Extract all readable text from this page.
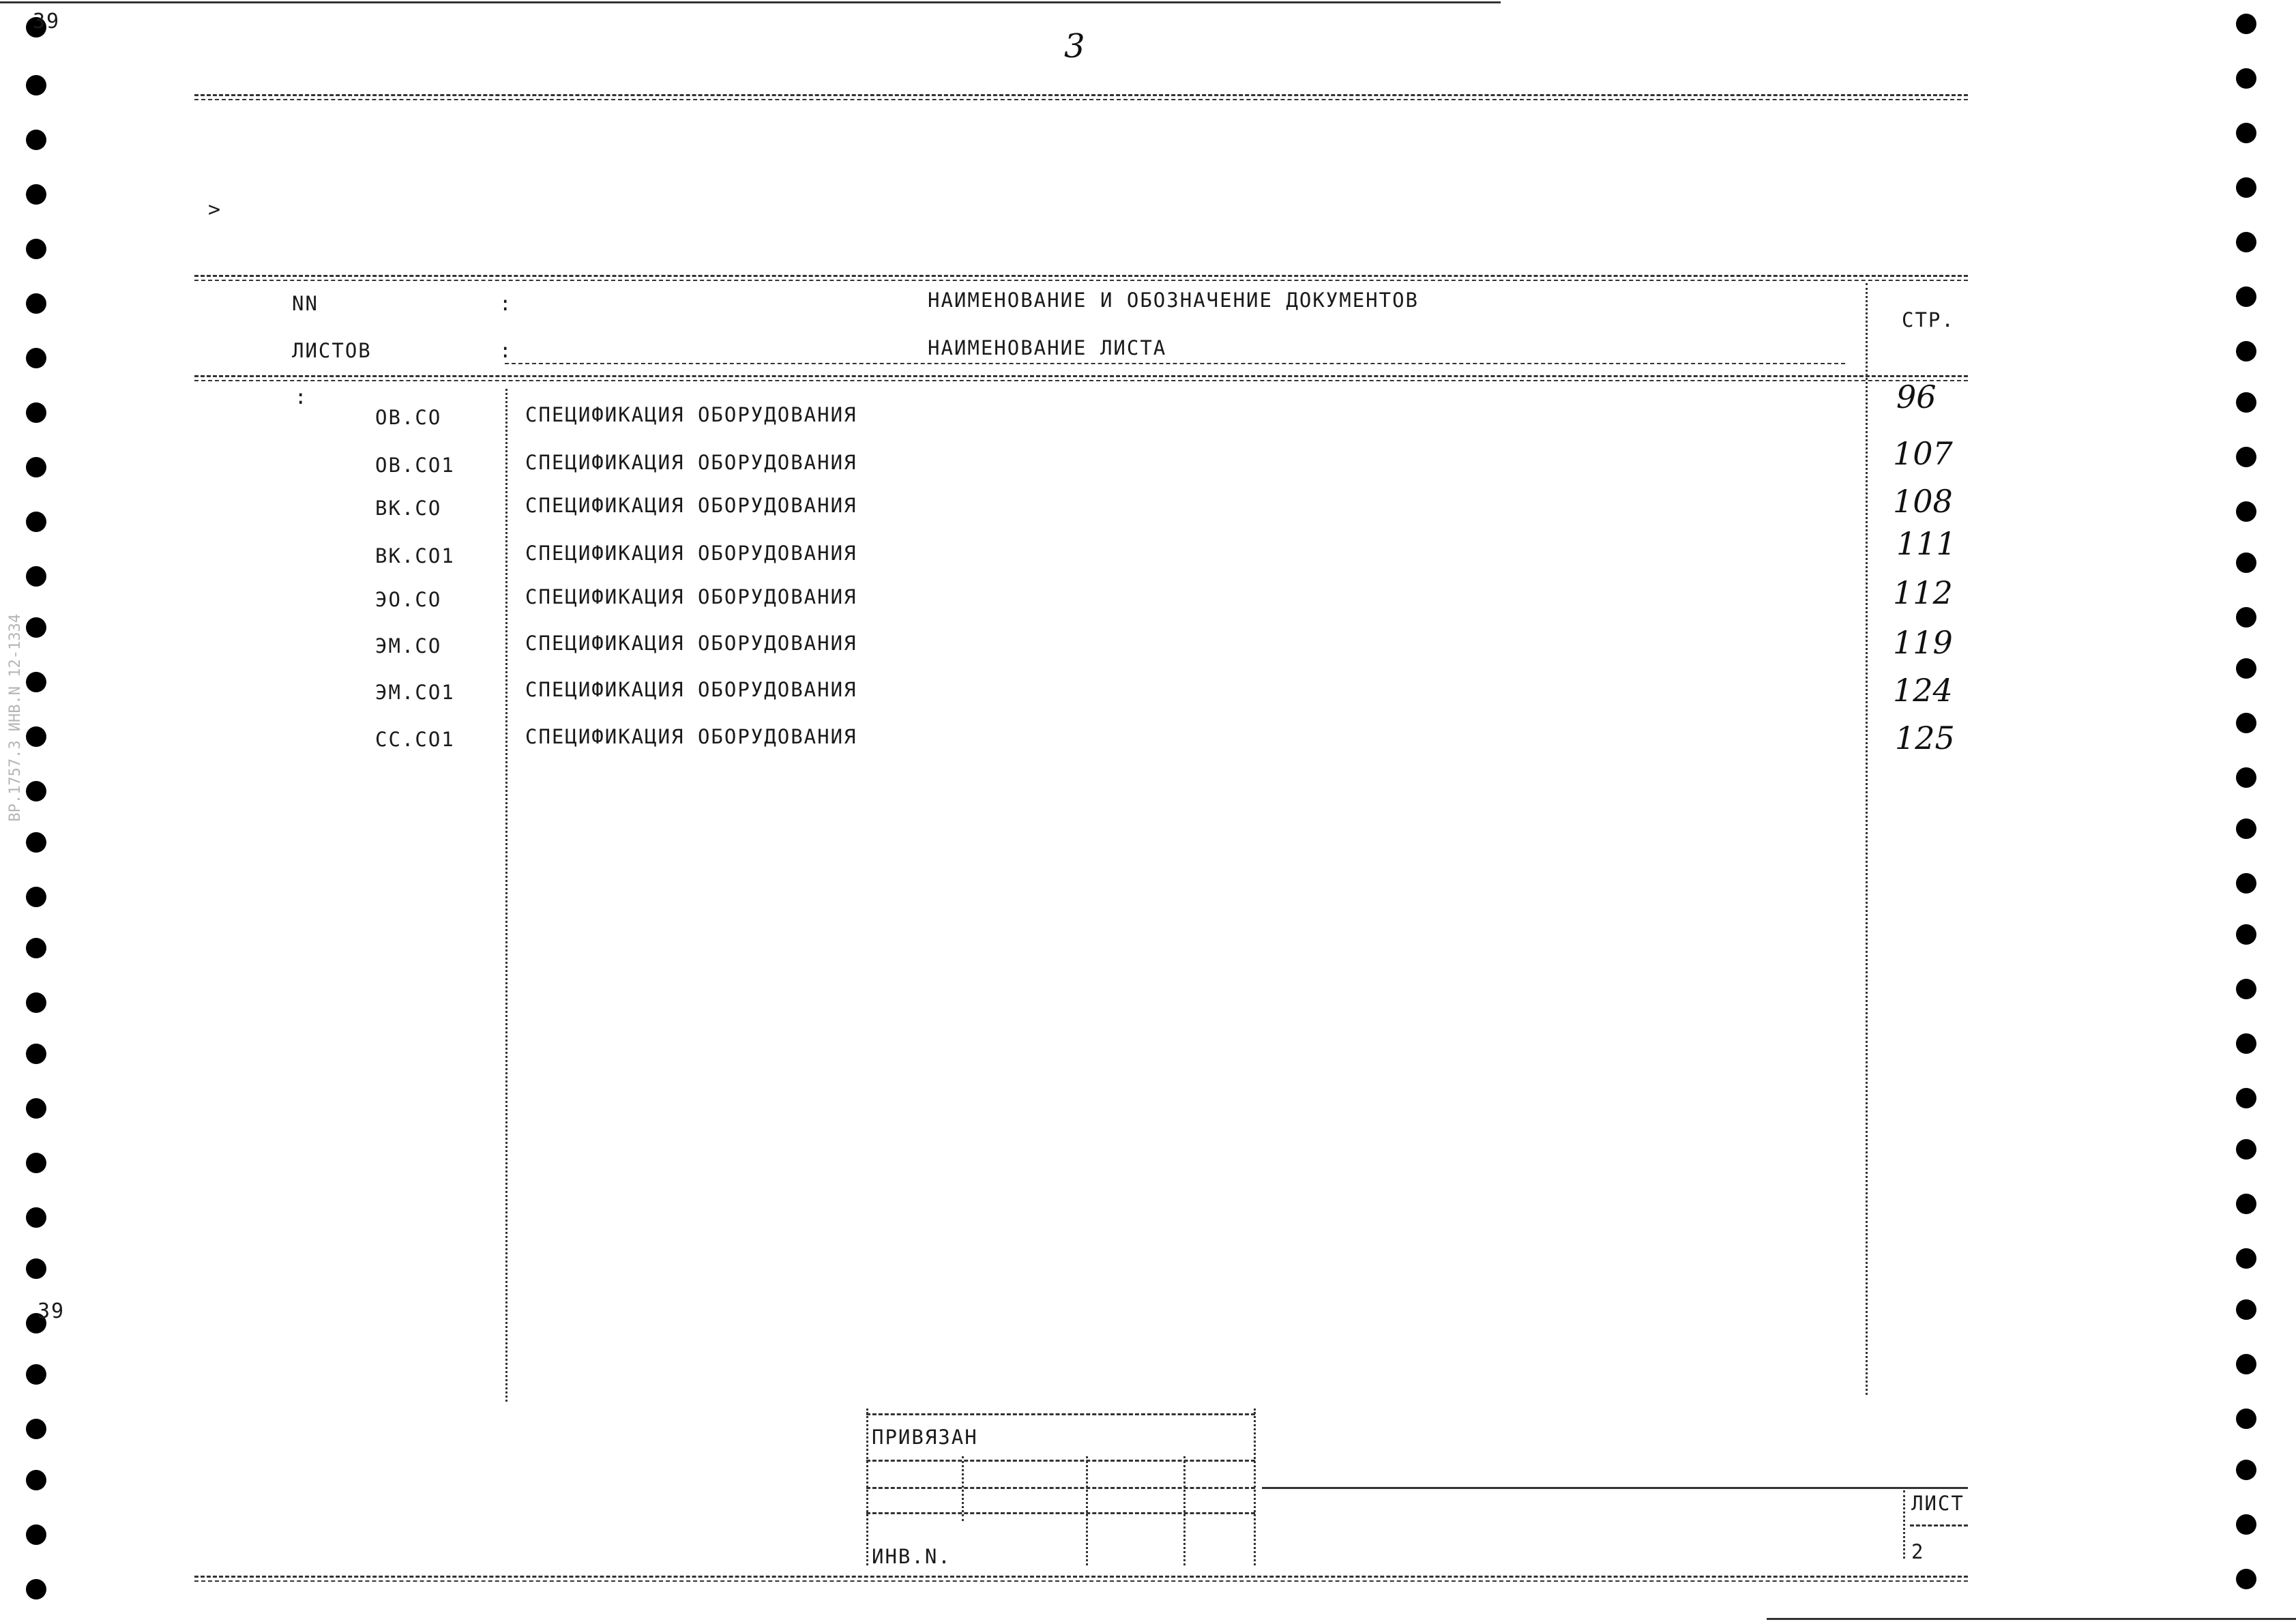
39
39
ВР.1757.3 ИНВ.N 12-1334
3
>
NN
ЛИСТОВ
НАИМЕНОВАНИЕ И ОБОЗНАЧЕНИЕ ДОКУМЕНТОВ
НАИМЕНОВАНИЕ ЛИСТА
СТР.
:
:
:
ОВ.СО	СПЕЦИФИКАЦИЯ ОБОРУДОВАНИЯ	96
ОВ.СО1	СПЕЦИФИКАЦИЯ ОБОРУДОВАНИЯ	107
ВК.СО	СПЕЦИФИКАЦИЯ ОБОРУДОВАНИЯ	108
ВК.СО1	СПЕЦИФИКАЦИЯ ОБОРУДОВАНИЯ	111
ЭО.СО	СПЕЦИФИКАЦИЯ ОБОРУДОВАНИЯ	112
ЭМ.СО	СПЕЦИФИКАЦИЯ ОБОРУДОВАНИЯ	119
ЭМ.СО1	СПЕЦИФИКАЦИЯ ОБОРУДОВАНИЯ	124
СС.СО1	СПЕЦИФИКАЦИЯ ОБОРУДОВАНИЯ	125
ПРИВЯЗАН
ИНВ.N.
ЛИСТ
2
